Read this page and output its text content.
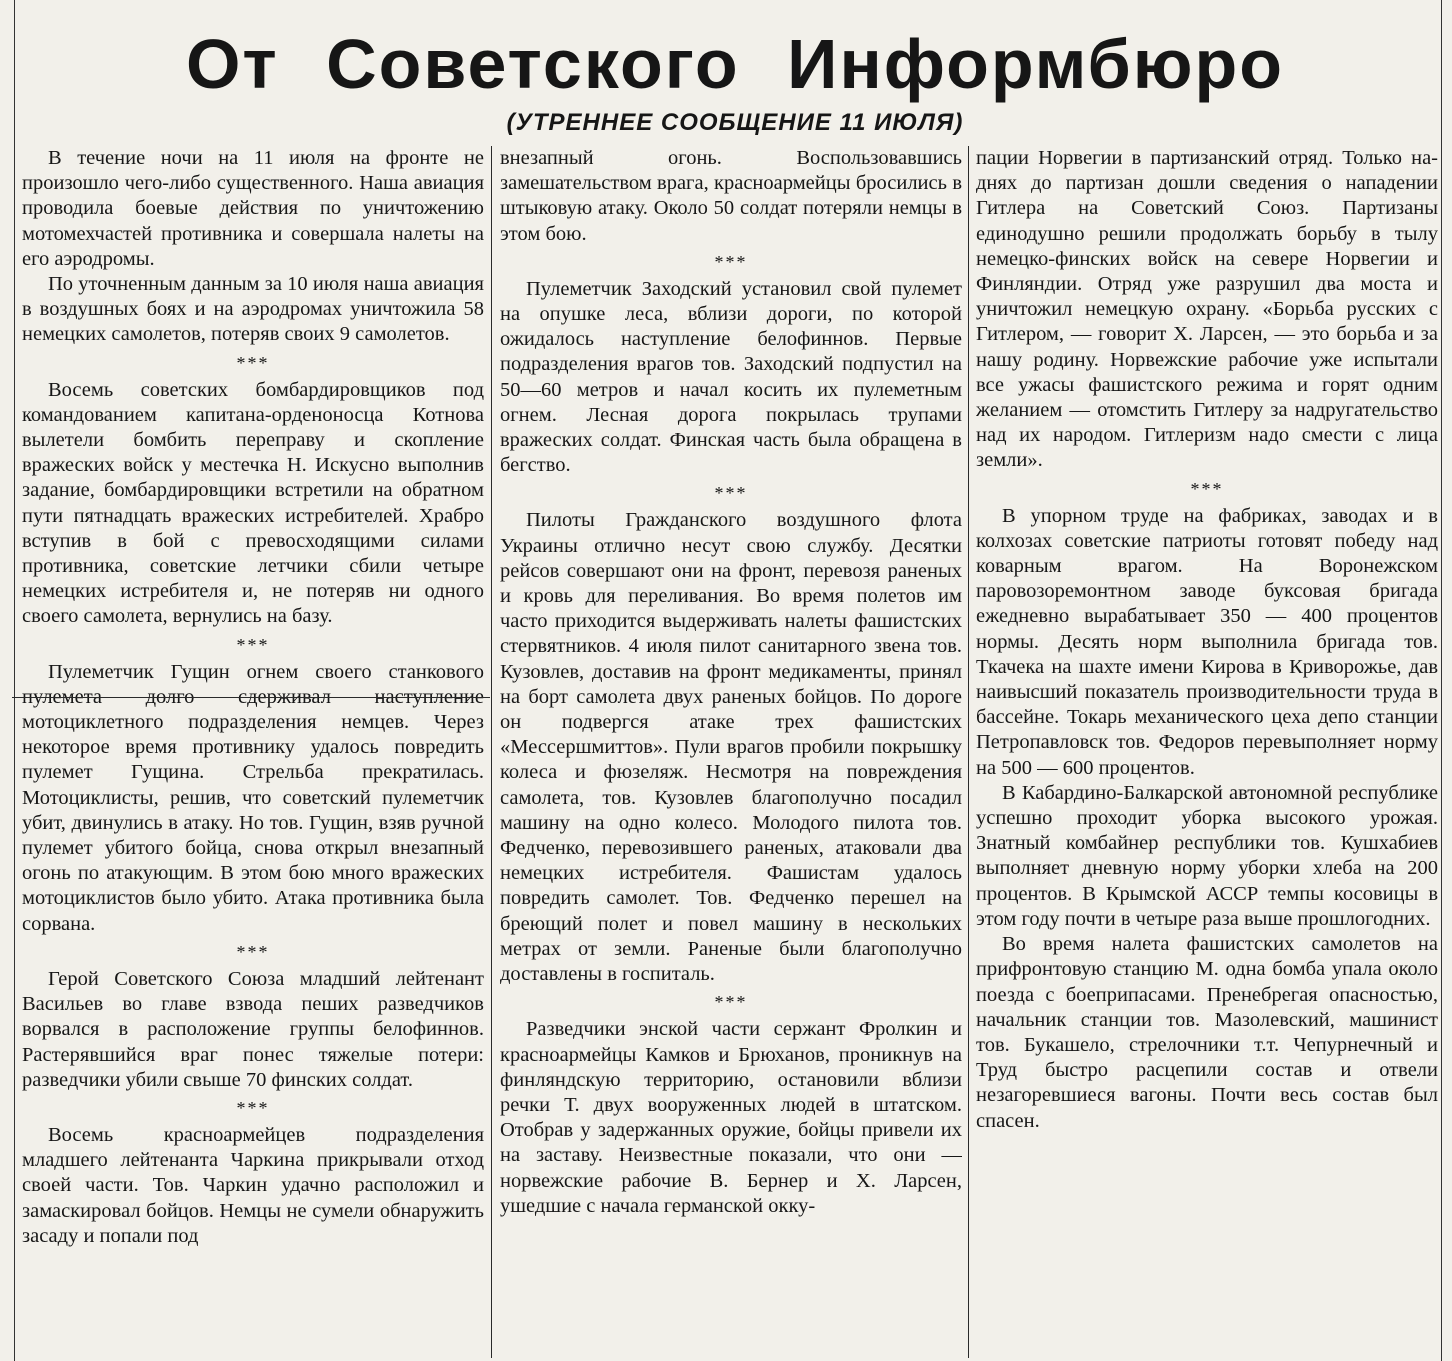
От Советского Информбюро
(УТРЕННЕЕ СООБЩЕНИЕ 11 ИЮЛЯ)

В течение ночи на 11 июля на фронте не произошло чего-либо существенного. Наша авиация проводила боевые действия по уничтожению мотомехчастей противника и совершала налеты на его аэродромы.

По уточненным данным за 10 июля наша авиация в воздушных боях и на аэродромах уничтожила 58 немецких самолетов, потеряв своих 9 самолетов.

***

Восемь советских бомбардировщиков под командованием капитана-орденоносца Котнова вылетели бомбить переправу и скопление вражеских войск у местечка Н. Искусно выполнив задание, бомбардировщики встретили на обратном пути пятнадцать вражеских истребителей. Храбро вступив в бой с превосходящими силами противника, советские летчики сбили четыре немецких истребителя и, не потеряв ни одного своего самолета, вернулись на базу.

***

Пулеметчик Гущин огнем своего станкового пулемета долго сдерживал наступление мотоциклетного подразделения немцев. Через некоторое время противнику удалось повредить пулемет Гущина. Стрельба прекратилась. Мотоциклисты, решив, что советский пулеметчик убит, двинулись в атаку. Но тов. Гущин, взяв ручной пулемет убитого бойца, снова открыл внезапный огонь по атакующим. В этом бою много вражеских мотоциклистов было убито. Атака противника была сорвана.

***

Герой Советского Союза младший лейтенант Васильев во главе взвода пеших разведчиков ворвался в расположение группы белофиннов. Растерявшийся враг понес тяжелые потери: разведчики убили свыше 70 финских солдат.

***

Восемь красноармейцев подразделения младшего лейтенанта Чаркина прикрывали отход своей части. Тов. Чаркин удачно расположил и замаскировал бойцов. Немцы не сумели обнаружить засаду и попали под

внезапный огонь. Воспользовавшись замешательством врага, красноармейцы бросились в штыковую атаку. Около 50 солдат потеряли немцы в этом бою.

***

Пулеметчик Заходский установил свой пулемет на опушке леса, вблизи дороги, по которой ожидалось наступление белофиннов. Первые подразделения врагов тов. Заходский подпустил на 50—60 метров и начал косить их пулеметным огнем. Лесная дорога покрылась трупами вражеских солдат. Финская часть была обращена в бегство.

***

Пилоты Гражданского воздушного флота Украины отлично несут свою службу. Десятки рейсов совершают они на фронт, перевозя раненых и кровь для переливания. Во время полетов им часто приходится выдерживать налеты фашистских стервятников. 4 июля пилот санитарного звена тов. Кузовлев, доставив на фронт медикаменты, принял на борт самолета двух раненых бойцов. По дороге он подвергся атаке трех фашистских «Мессершмиттов». Пули врагов пробили покрышку колеса и фюзеляж. Несмотря на повреждения самолета, тов. Кузовлев благополучно посадил машину на одно колесо. Молодого пилота тов. Федченко, перевозившего раненых, атаковали два немецких истребителя. Фашистам удалось повредить самолет. Тов. Федченко перешел на бреющий полет и повел машину в нескольких метрах от земли. Раненые были благополучно доставлены в госпиталь.

***

Разведчики энской части сержант Фролкин и красноармейцы Камков и Брюханов, проникнув на финляндскую территорию, остановили вблизи речки Т. двух вооруженных людей в штатском. Отобрав у задержанных оружие, бойцы привели их на заставу. Неизвестные показали, что они — норвежские рабочие В. Бернер и Х. Ларсен, ушедшие с начала германской окку-

пации Норвегии в партизанский отряд. Только на-днях до партизан дошли сведения о нападении Гитлера на Советский Союз. Партизаны единодушно решили продолжать борьбу в тылу немецко-финских войск на севере Норвегии и Финляндии. Отряд уже разрушил два моста и уничтожил немецкую охрану. «Борьба русских с Гитлером, — говорит Х. Ларсен, — это борьба и за нашу родину. Норвежские рабочие уже испытали все ужасы фашистского режима и горят одним желанием — отомстить Гитлеру за надругательство над их народом. Гитлеризм надо смести с лица земли».

***

В упорном труде на фабриках, заводах и в колхозах советские патриоты готовят победу над коварным врагом. На Воронежском паровозоремонтном заводе буксовая бригада ежедневно вырабатывает 350 — 400 процентов нормы. Десять норм выполнила бригада тов. Ткачека на шахте имени Кирова в Криворожье, дав наивысший показатель производительности труда в бассейне. Токарь механического цеха депо станции Петропавловск тов. Федоров перевыполняет норму на 500 — 600 процентов.

В Кабардино-Балкарской автономной республике успешно проходит уборка высокого урожая. Знатный комбайнер республики тов. Кушхабиев выполняет дневную норму уборки хлеба на 200 процентов. В Крымской АССР темпы косовицы в этом году почти в четыре раза выше прошлогодних.

Во время налета фашистских самолетов на прифронтовую станцию М. одна бомба упала около поезда с боеприпасами. Пренебрегая опасностью, начальник станции тов. Мазолевский, машинист тов. Букашело, стрелочники т.т. Чепурнечный и Труд быстро расцепили состав и отвели незагоревшиеся вагоны. Почти весь состав был спасен.
